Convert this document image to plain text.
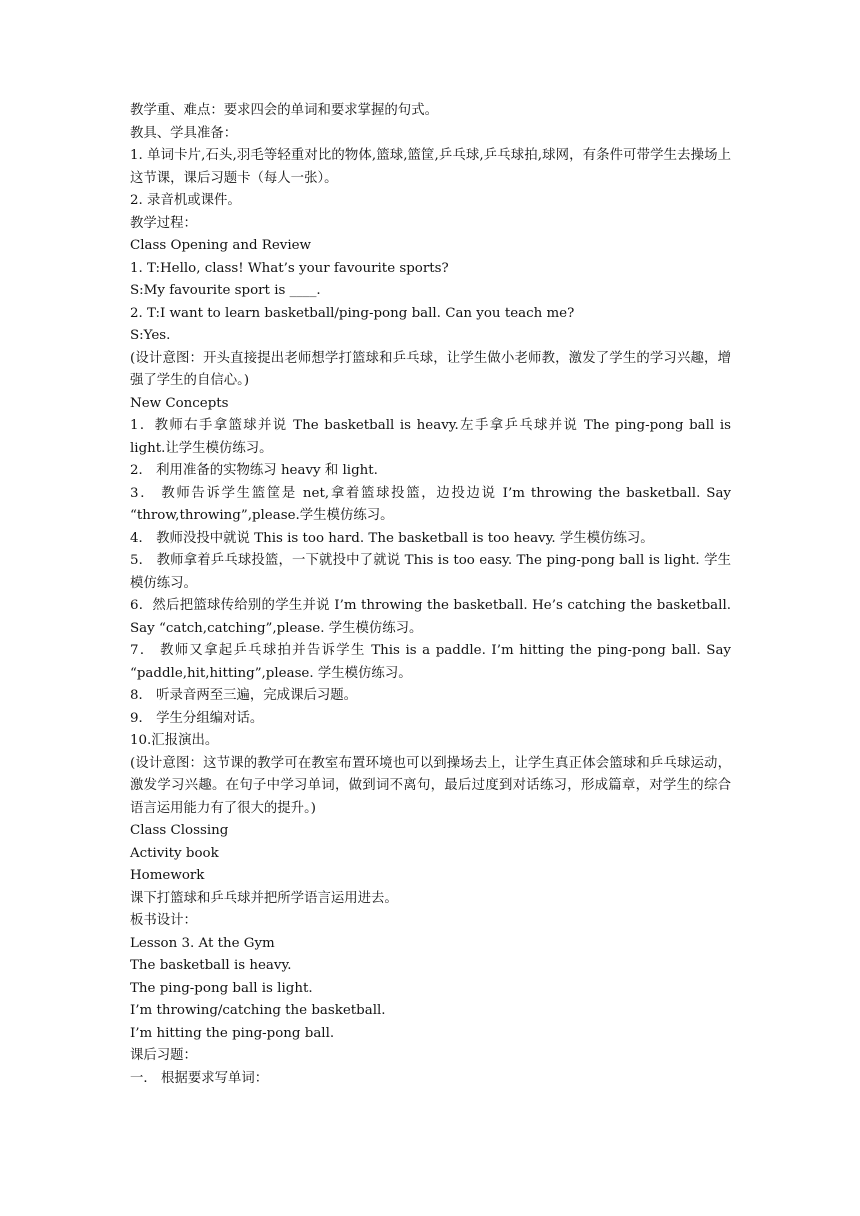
教学重、难点：要求四会的单词和要求掌握的句式。

教具、学具准备：

1. 单词卡片,石头,羽毛等轻重对比的物体,篮球,篮筐,乒乓球,乒乓球拍,球网，有条件可带学生去操场上这节课，课后习题卡（每人一张）。

2. 录音机或课件。

教学过程：

Class Opening and Review

1. T:Hello, class! What’s your favourite sports?

S:My favourite sport is ____.

2. T:I want to learn basketball/ping-pong ball. Can you teach me?

S:Yes.

(设计意图：开头直接提出老师想学打篮球和乒乓球，让学生做小老师教，激发了学生的学习兴趣，增强了学生的自信心。)

New Concepts

1．教师右手拿篮球并说 The basketball is heavy.左手拿乒乓球并说 The ping-pong ball is light.让学生模仿练习。

2． 利用准备的实物练习 heavy 和 light.

3． 教师告诉学生篮筐是 net,拿着篮球投篮，边投边说 I’m throwing the basketball. Say “throw,throwing”,please.学生模仿练习。

4． 教师没投中就说 This is too hard. The basketball is too heavy. 学生模仿练习。

5． 教师拿着乒乓球投篮，一下就投中了就说 This is too easy. The ping-pong ball is light. 学生模仿练习。

6．然后把篮球传给别的学生并说 I’m throwing the basketball. He’s catching the basketball. Say “catch,catching”,please. 学生模仿练习。

7． 教师又拿起乒乓球拍并告诉学生 This is a paddle. I’m hitting the ping-pong ball. Say “paddle,hit,hitting”,please. 学生模仿练习。

8． 听录音两至三遍，完成课后习题。

9． 学生分组编对话。

10.汇报演出。

(设计意图：这节课的教学可在教室布置环境也可以到操场去上，让学生真正体会篮球和乒乓球运动，激发学习兴趣。在句子中学习单词，做到词不离句，最后过度到对话练习，形成篇章，对学生的综合语言运用能力有了很大的提升。)

Class Clossing

Activity book

Homework

课下打篮球和乒乓球并把所学语言运用进去。

板书设计：

Lesson 3. At the Gym

The basketball is heavy.

The ping-pong ball is light.

I’m throwing/catching the basketball.

I’m hitting the ping-pong ball.

课后习题：

一． 根据要求写单词：
